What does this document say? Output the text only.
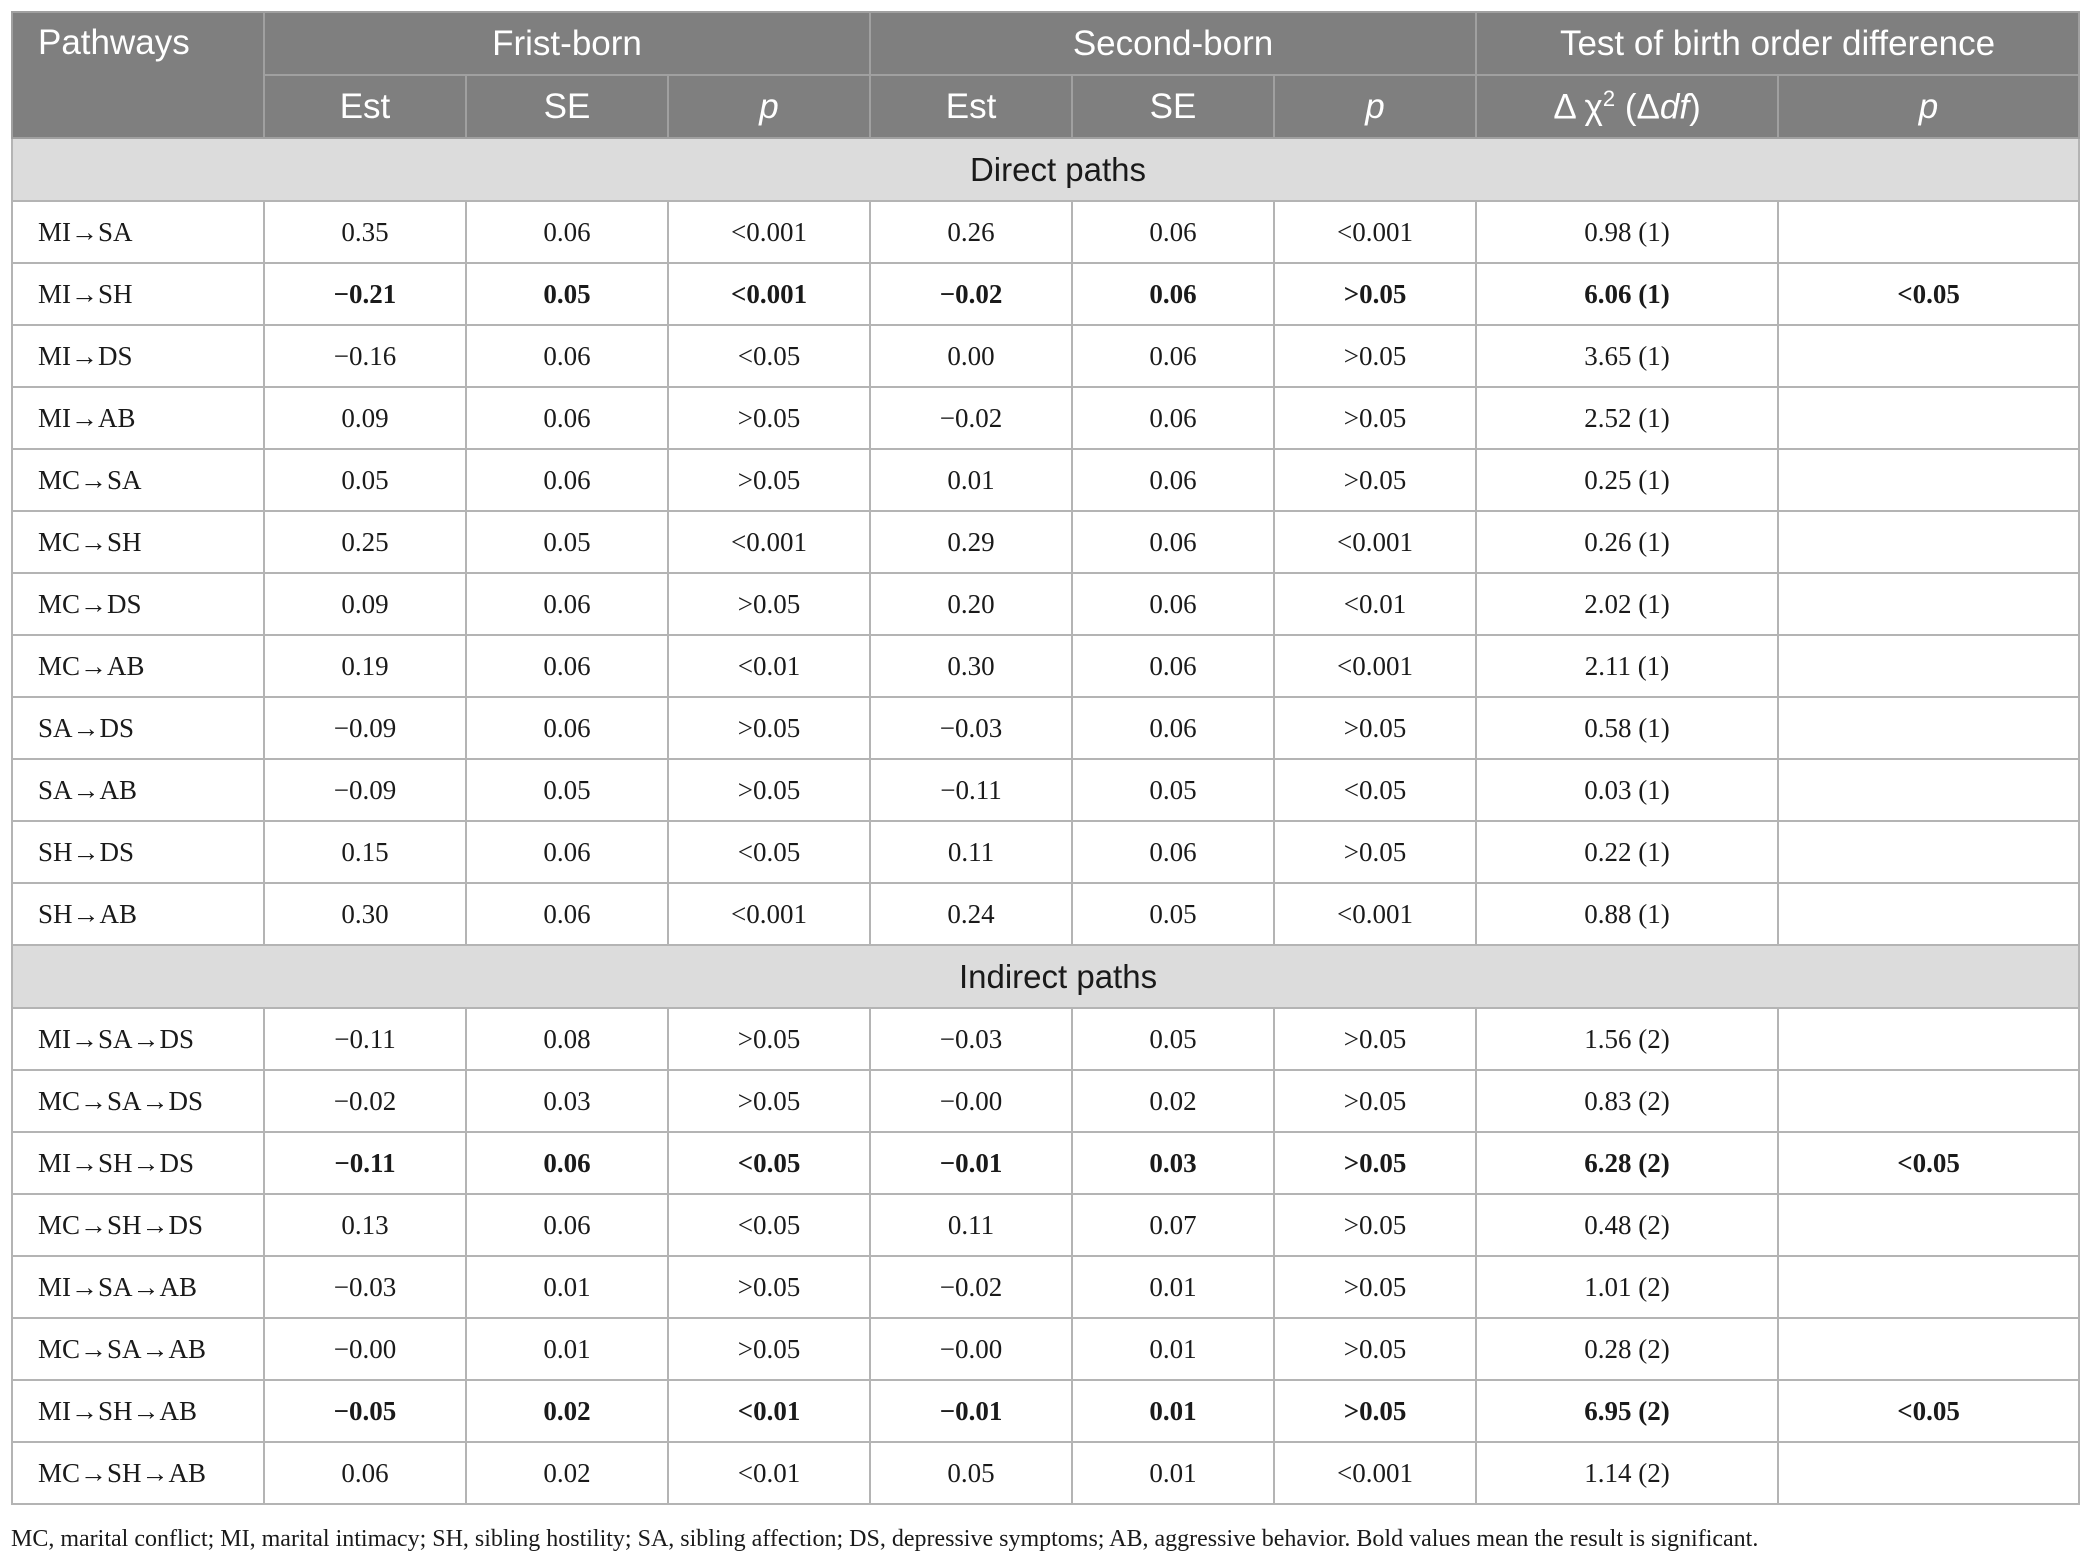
Pathways	Frist-born			Second-born			Test of birth order difference	
	Est	SE	p	Est	SE	p	Δ $\chi^2$ (Δdf)	p
Direct paths								
MI→SA	0.35	0.06	<0.001	0.26	0.06	<0.001	0.98 (1)	
MI→SH	−0.21	0.05	<0.001	−0.02	0.06	>0.05	6.06 (1)	<0.05
MI→DS	−0.16	0.06	<0.05	0.00	0.06	>0.05	3.65 (1)	
MI→AB	0.09	0.06	>0.05	−0.02	0.06	>0.05	2.52 (1)	
MC→SA	0.05	0.06	>0.05	0.01	0.06	>0.05	0.25 (1)	
MC→SH	0.25	0.05	<0.001	0.29	0.06	<0.001	0.26 (1)	
MC→DS	0.09	0.06	>0.05	0.20	0.06	<0.01	2.02 (1)	
MC→AB	0.19	0.06	<0.01	0.30	0.06	<0.001	2.11 (1)	
SA→DS	−0.09	0.06	>0.05	−0.03	0.06	>0.05	0.58 (1)	
SA→AB	−0.09	0.05	>0.05	−0.11	0.05	<0.05	0.03 (1)	
SH→DS	0.15	0.06	<0.05	0.11	0.06	>0.05	0.22 (1)	
SH→AB	0.30	0.06	<0.001	0.24	0.05	<0.001	0.88 (1)	
Indirect paths								
MI→SA→DS	−0.11	0.08	>0.05	−0.03	0.05	>0.05	1.56 (2)	
MC→SA→DS	−0.02	0.03	>0.05	−0.00	0.02	>0.05	0.83 (2)	
MI→SH→DS	−0.11	0.06	<0.05	−0.01	0.03	>0.05	6.28 (2)	<0.05
MC→SH→DS	0.13	0.06	<0.05	0.11	0.07	>0.05	0.48 (2)	
MI→SA→AB	−0.03	0.01	>0.05	−0.02	0.01	>0.05	1.01 (2)	
MC→SA→AB	−0.00	0.01	>0.05	−0.00	0.01	>0.05	0.28 (2)	
MI→SH→AB	−0.05	0.02	<0.01	−0.01	0.01	>0.05	6.95 (2)	<0.05
MC→SH→AB	0.06	0.02	<0.01	0.05	0.01	<0.001	1.14 (2)	
MC, marital conflict; MI, marital intimacy; SH, sibling hostility; SA, sibling affection; DS, depressive symptoms; AB, aggressive behavior. Bold values mean the result is significant.
